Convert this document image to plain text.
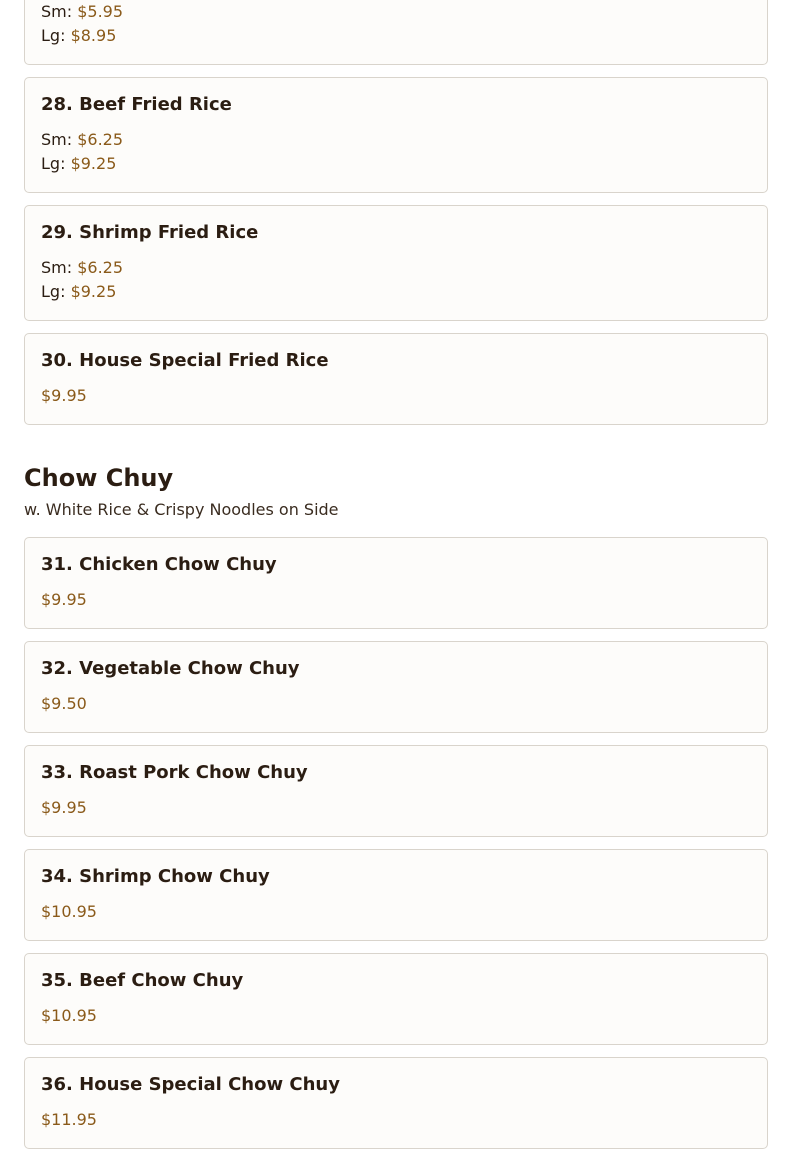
Sm: $5.95
Lg: $8.95
28. Beef Fried Rice
Sm: $6.25
Lg: $9.25
29. Shrimp Fried Rice
Sm: $6.25
Lg: $9.25
30. House Special Fried Rice
$9.95
Chow Chuy
w. White Rice & Crispy Noodles on Side
31. Chicken Chow Chuy
$9.95
32. Vegetable Chow Chuy
$9.50
33. Roast Pork Chow Chuy
$9.95
34. Shrimp Chow Chuy
$10.95
35. Beef Chow Chuy
$10.95
36. House Special Chow Chuy
$11.95
